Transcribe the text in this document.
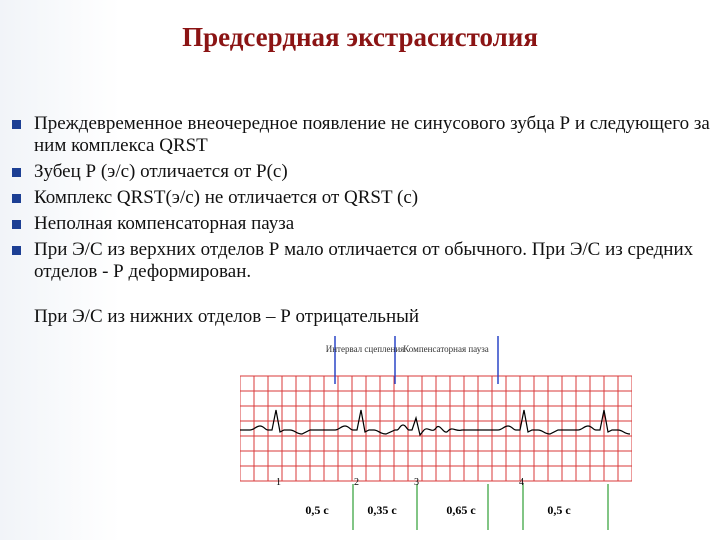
Предсердная экстрасистолия
Преждевременное внеочередное появление не синусового зубца Р и следующего за ним комплекса QRST
Зубец Р (э/с) отличается от Р(с)
Комплекс QRST(э/с) не отличается от QRST (с)
Неполная компенсаторная пауза
При Э/С из верхних отделов Р мало отличается от обычного. При Э/С из средних отделов - Р деформирован.
При Э/С из нижних отделов – Р отрицательный
Интервал сцепления
Компенсаторная пауза
1	2	3	4
0,5 с	0,35 с	0,65 с	0,5 с
